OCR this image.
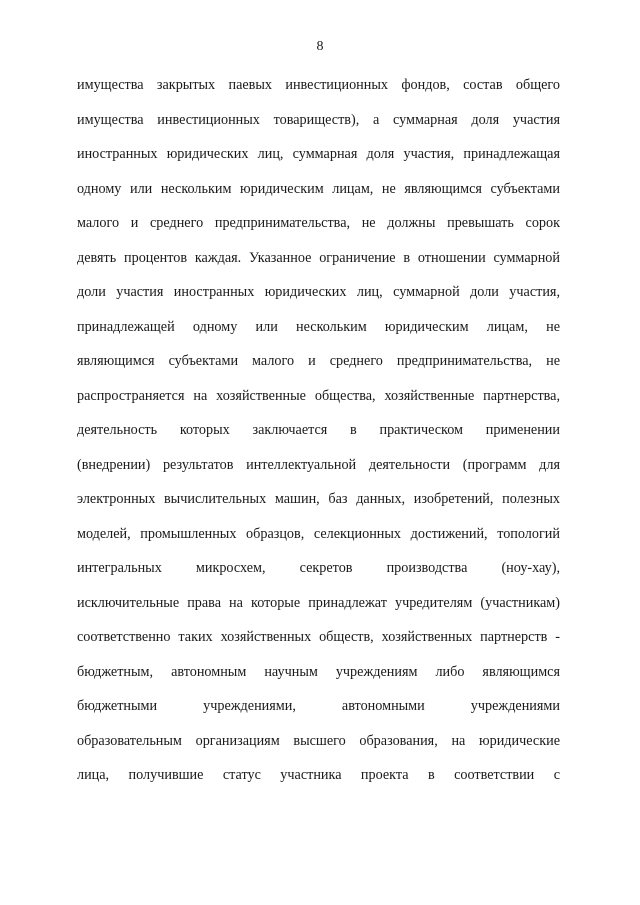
8
имущества закрытых паевых инвестиционных фондов, состав общего
имущества инвестиционных товариществ), а суммарная доля участия
иностранных юридических лиц, суммарная доля участия, принадлежащая
одному или нескольким юридическим лицам, не являющимся субъектами
малого и среднего предпринимательства, не должны превышать сорок
девять процентов каждая. Указанное ограничение в отношении суммарной
доли участия иностранных юридических лиц, суммарной доли участия,
принадлежащей одному или нескольким юридическим лицам, не
являющимся субъектами малого и среднего предпринимательства, не
распространяется на хозяйственные общества, хозяйственные партнерства,
деятельность которых заключается в практическом применении
(внедрении) результатов интеллектуальной деятельности (программ для
электронных вычислительных машин, баз данных, изобретений, полезных
моделей, промышленных образцов, селекционных достижений, топологий
интегральных микросхем, секретов производства (ноу-хау),
исключительные права на которые принадлежат учредителям (участникам)
соответственно таких хозяйственных обществ, хозяйственных партнерств -
бюджетным, автономным научным учреждениям либо являющимся
бюджетными учреждениями, автономными учреждениями
образовательным организациям высшего образования, на юридические
лица, получившие статус участника проекта в соответствии с
